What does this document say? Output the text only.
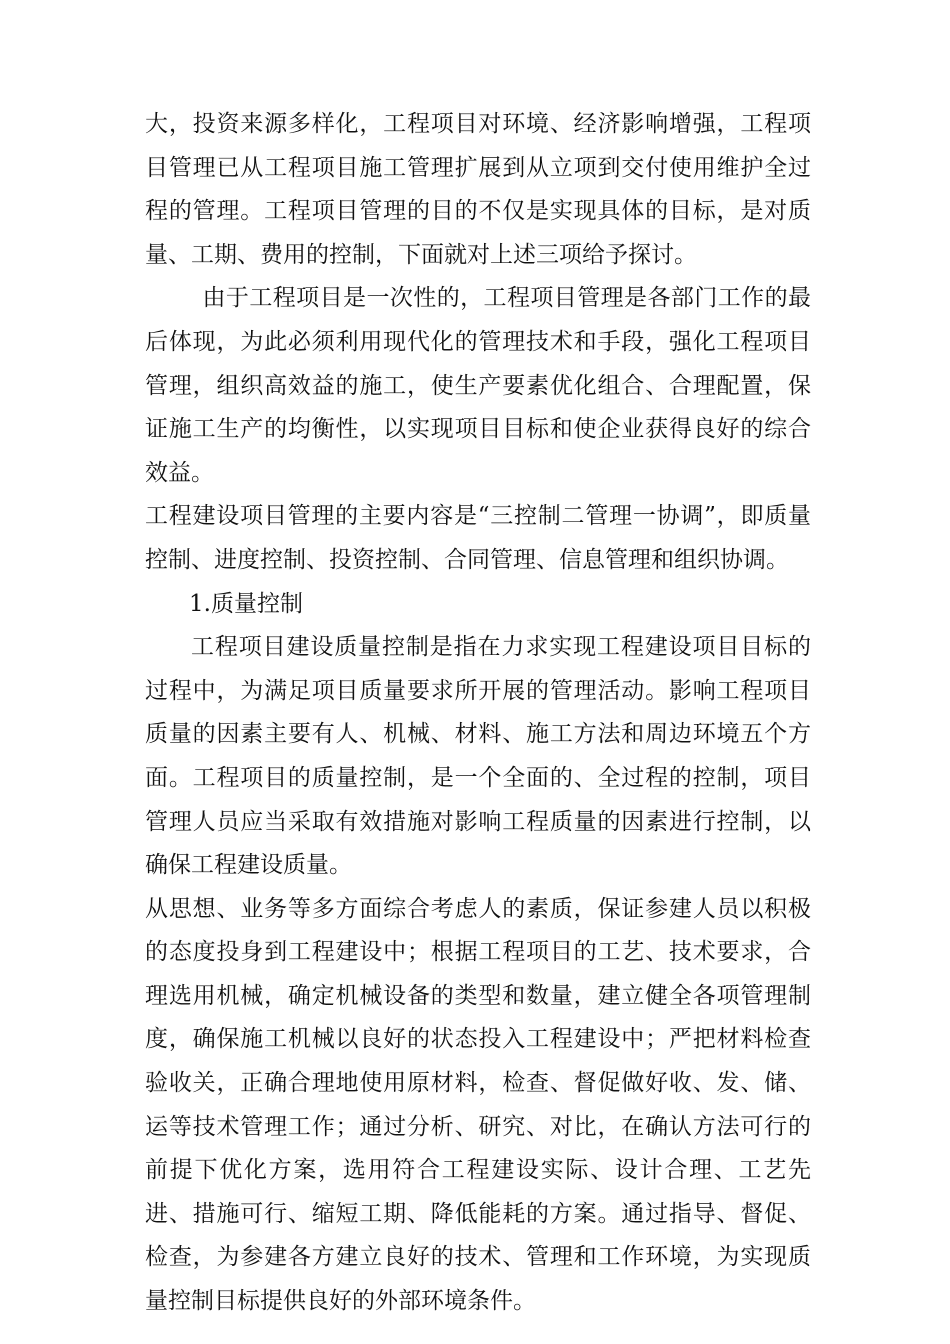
大，投资来源多样化，工程项目对环境、经济影响增强，工程项目管理已从工程项目施工管理扩展到从立项到交付使用维护全过程的管理。工程项目管理的目的不仅是实现具体的目标，是对质量、工期、费用的控制，下面就对上述三项给予探讨。

由于工程项目是一次性的，工程项目管理是各部门工作的最后体现，为此必须利用现代化的管理技术和手段，强化工程项目管理，组织高效益的施工，使生产要素优化组合、合理配置，保证施工生产的均衡性，以实现项目目标和使企业获得良好的综合效益。

工程建设项目管理的主要内容是“三控制二管理一协调”，即质量控制、进度控制、投资控制、合同管理、信息管理和组织协调。

1.质量控制

工程项目建设质量控制是指在力求实现工程建设项目目标的过程中，为满足项目质量要求所开展的管理活动。影响工程项目质量的因素主要有人、机械、材料、施工方法和周边环境五个方面。工程项目的质量控制，是一个全面的、全过程的控制，项目管理人员应当采取有效措施对影响工程质量的因素进行控制，以确保工程建设质量。

从思想、业务等多方面综合考虑人的素质，保证参建人员以积极的态度投身到工程建设中；根据工程项目的工艺、技术要求，合理选用机械，确定机械设备的类型和数量，建立健全各项管理制度，确保施工机械以良好的状态投入工程建设中；严把材料检查验收关，正确合理地使用原材料，检查、督促做好收、发、储、运等技术管理工作；通过分析、研究、对比，在确认方法可行的前提下优化方案，选用符合工程建设实际、设计合理、工艺先进、措施可行、缩短工期、降低能耗的方案。通过指导、督促、检查，为参建各方建立良好的技术、管理和工作环境，为实现质量控制目标提供良好的外部环境条件。
